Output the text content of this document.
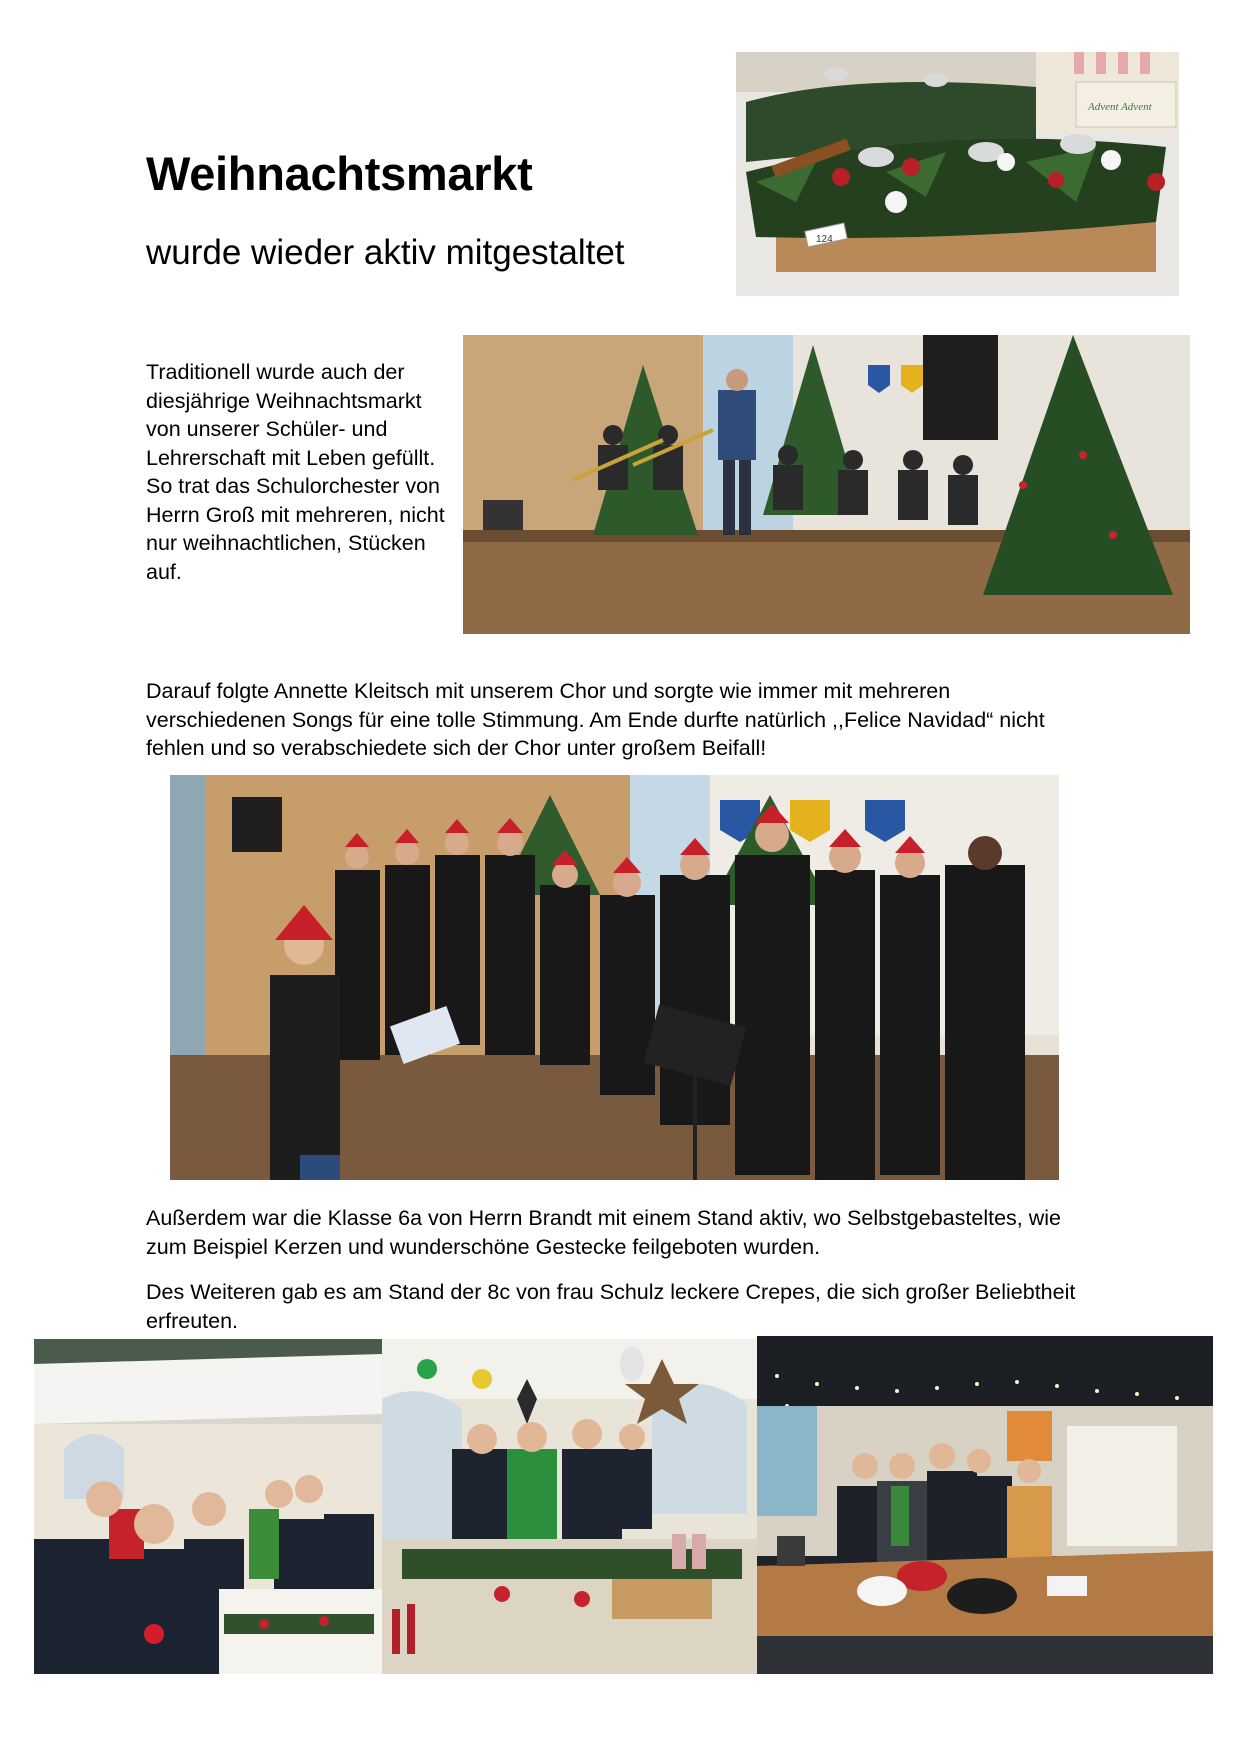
Weihnachtsmarkt
wurde wieder aktiv mitgestaltet
Advent Advent
124

Traditionell wurde auch der diesjährige Weihnachtsmarkt von unserer Schüler- und Lehrerschaft mit Leben gefüllt. So trat das Schulorchester von Herrn Groß mit mehreren, nicht nur weihnachtlichen, Stücken auf.

Darauf folgte Annette Kleitsch mit unserem Chor und sorgte wie immer mit mehreren verschiedenen Songs für eine tolle Stimmung. Am Ende durfte natürlich ,,Felice Navidad“ nicht fehlen und so verabschiedete sich der Chor unter großem Beifall!

Außerdem war die Klasse 6a von Herrn Brandt mit einem Stand aktiv, wo Selbstgebasteltes, wie zum Beispiel Kerzen und wunderschöne Gestecke feilgeboten wurden.

Des Weiteren gab es am Stand der 8c von frau Schulz leckere Crepes, die sich großer Beliebtheit erfreuten.
